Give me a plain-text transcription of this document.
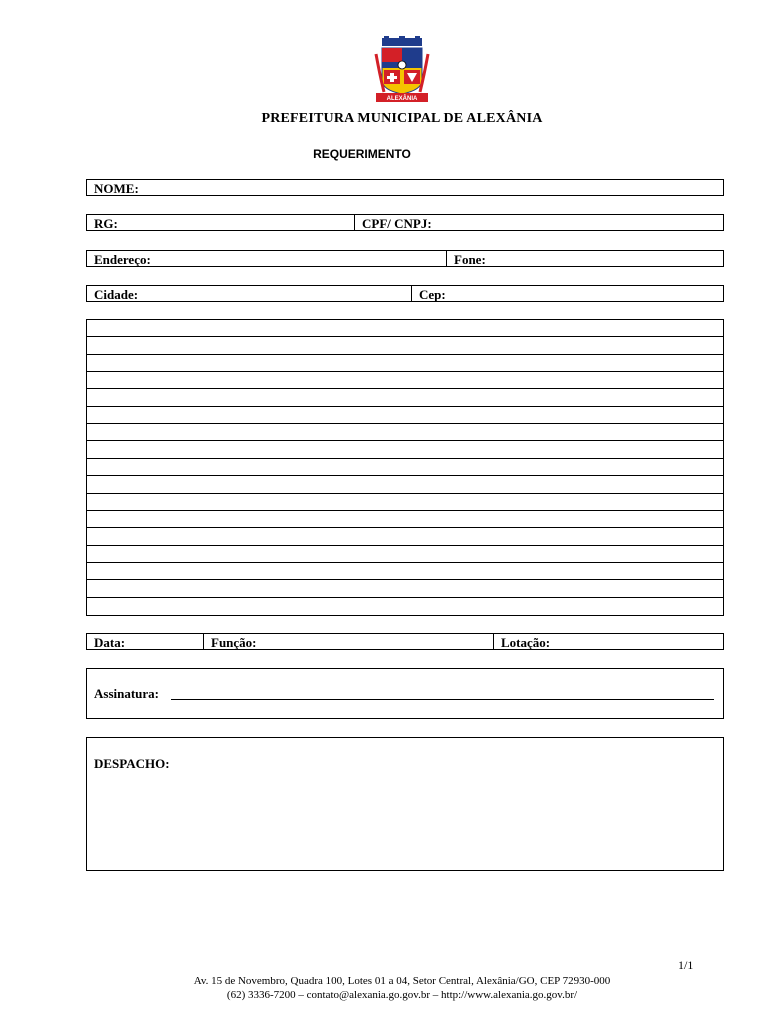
ALEXÂNIA
PREFEITURA MUNICIPAL DE ALEXÂNIA
REQUERIMENTO
NOME:
RG:	CPF/ CNPJ:
Endereço:	Fone:
Cidade:	Cep:
Data:	Função:	Lotação:
Assinatura:
DESPACHO:
1/1
Av. 15 de Novembro, Quadra 100, Lotes 01 a 04, Setor Central, Alexânia/GO, CEP 72930-000
(62) 3336-7200 – contato@alexania.go.gov.br – http://www.alexania.go.gov.br/
